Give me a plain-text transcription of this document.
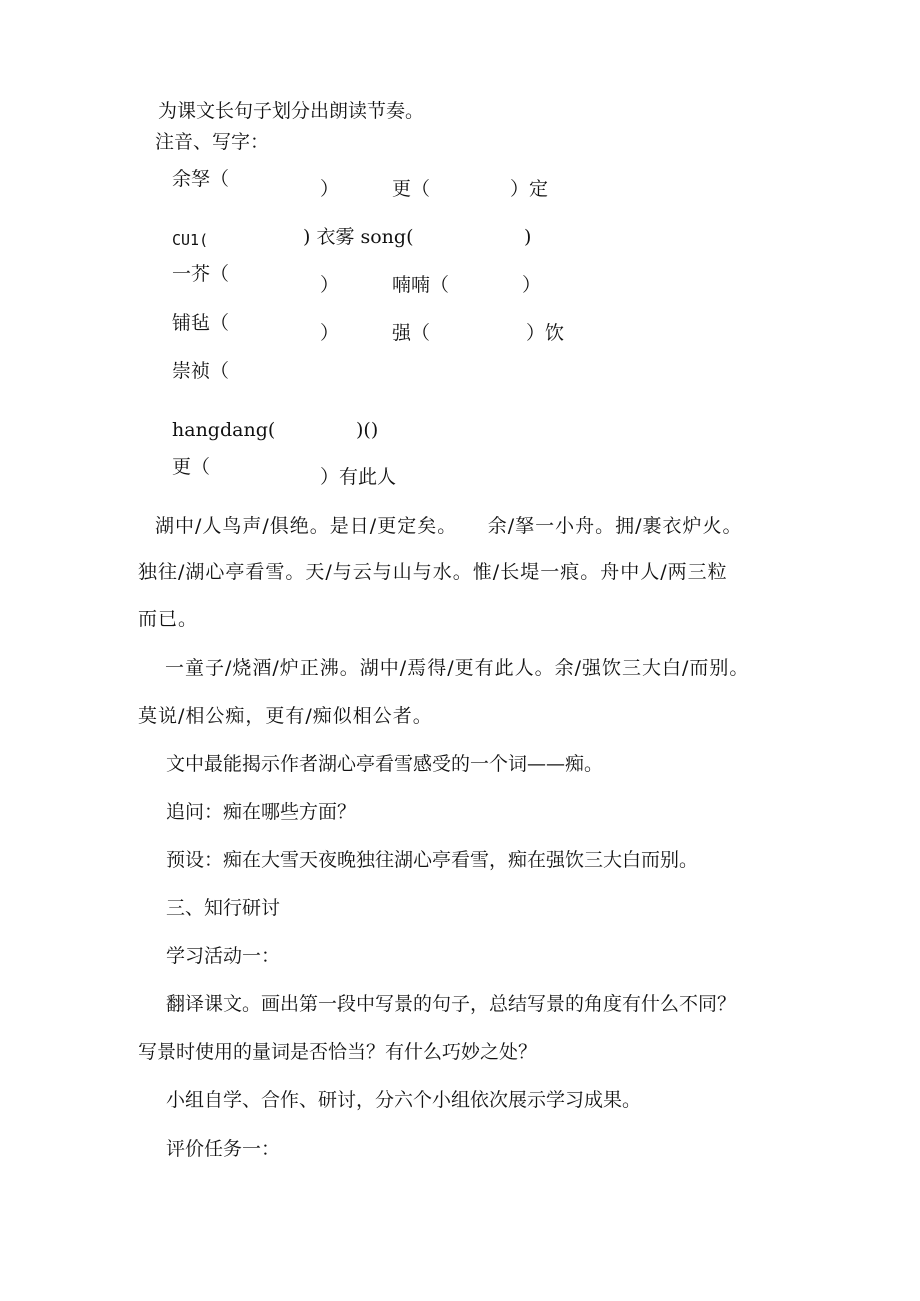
为课文长句子划分出朗读节奏。
注音、写字：
余孥（	）	更（	）定
CU1(	) 衣雾 song(	)
一芥（	）	喃喃（	）
铺毡（	）	强（	）饮
崇祯（
hangdang(	)()
更（	）有此人
湖中/人鸟声/俱绝。是日/更定矣。　　余/拏一小舟。拥/裹衣炉火。
独往/湖心亭看雪。天/与云与山与水。惟/长堤一痕。舟中人/两三粒
而已。
一童子/烧酒/炉正沸。湖中/焉得/更有此人。余/强饮三大白/而别。
莫说/相公痴，更有/痴似相公者。
文中最能揭示作者湖心亭看雪感受的一个词——痴。
追问：痴在哪些方面？
预设：痴在大雪天夜晚独往湖心亭看雪，痴在强饮三大白而别。
三、知行研讨
学习活动一：
翻译课文。画出第一段中写景的句子，总结写景的角度有什么不同？
写景时使用的量词是否恰当？有什么巧妙之处？
小组自学、合作、研讨，分六个小组依次展示学习成果。
评价任务一：
